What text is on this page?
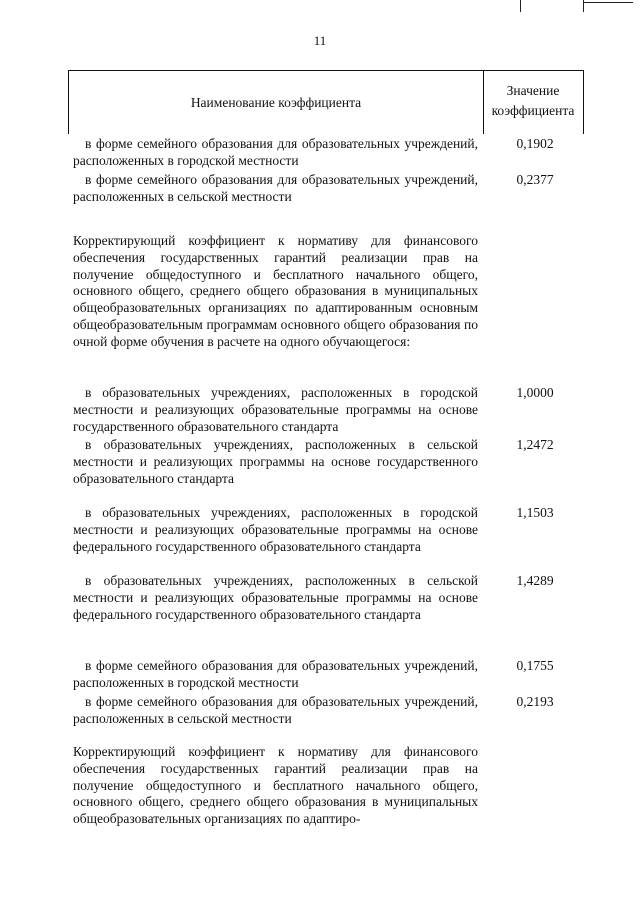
11
Наименование коэффициента
Значение
коэффициента

в форме семейного образования для образовательных учреждений, расположенных в городской местности

0,1902

в форме семейного образования для образовательных учреждений, расположенных в сельской местности

0,2377

Корректирующий коэффициент к нормативу для финансового обеспечения государственных гарантий реализации прав на получение общедоступного и бесплатного начального общего, основного общего, среднего общего образования в муниципальных общеобразовательных организациях по адаптированным основным общеобразовательным программам основного общего образования по очной форме обучения в расчете на одного обучающегося:

в образовательных учреждениях, расположенных в городской местности и реализующих образовательные программы на основе государственного образовательного стандарта

1,0000

в образовательных учреждениях, расположенных в сельской местности и реализующих программы на основе государственного образовательного стандарта

1,2472

в образовательных учреждениях, расположенных в городской местности и реализующих образовательные программы на основе федерального государственного образовательного стандарта

1,1503

в образовательных учреждениях, расположенных в сельской местности и реализующих образовательные программы на основе федерального государственного образовательного стандарта

1,4289

в форме семейного образования для образовательных учреждений, расположенных в городской местности

0,1755

в форме семейного образования для образовательных учреждений, расположенных в сельской местности

0,2193

Корректирующий коэффициент к нормативу для финансового обеспечения государственных гарантий реализации прав на получение общедоступного и бесплатного начального общего, основного общего, среднего общего образования в муниципальных общеобразовательных организациях по адаптиро-
